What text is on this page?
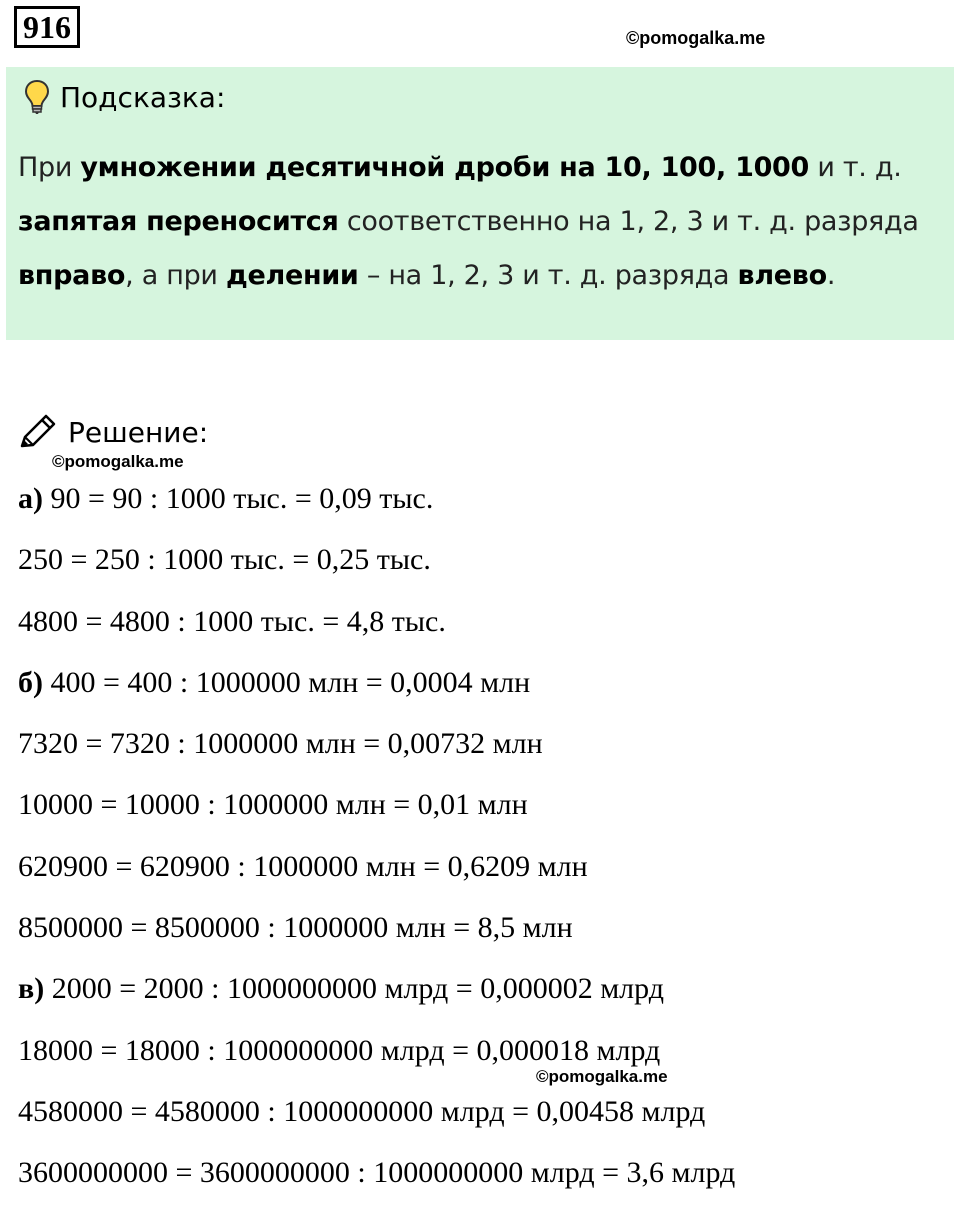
916	©pomogalka.me
Подсказка:
При умножении десятичной дроби на 10, 100, 1000 и т. д. запятая переносится соответственно на 1, 2, 3 и т. д. разряда вправо, а при делении – на 1, 2, 3 и т. д. разряда влево.
Решение:
©pomogalka.me
а) 90 = 90 : 1000 тыс. = 0,09 тыс.
250 = 250 : 1000 тыс. = 0,25 тыс.
4800 = 4800 : 1000 тыс. = 4,8 тыс.
б) 400 = 400 : 1000000 млн = 0,0004 млн
7320 = 7320 : 1000000 млн = 0,00732 млн
10000 = 10000 : 1000000 млн = 0,01 млн
620900 = 620900 : 1000000 млн = 0,6209 млн
8500000 = 8500000 : 1000000 млн = 8,5 млн
в) 2000 = 2000 : 1000000000 млрд = 0,000002 млрд
18000 = 18000 : 1000000000 млрд = 0,000018 млрд
4580000 = 4580000 : 1000000000 млрд = 0,00458 млрд
3600000000 = 3600000000 : 1000000000 млрд = 3,6 млрд
©pomogalka.me
